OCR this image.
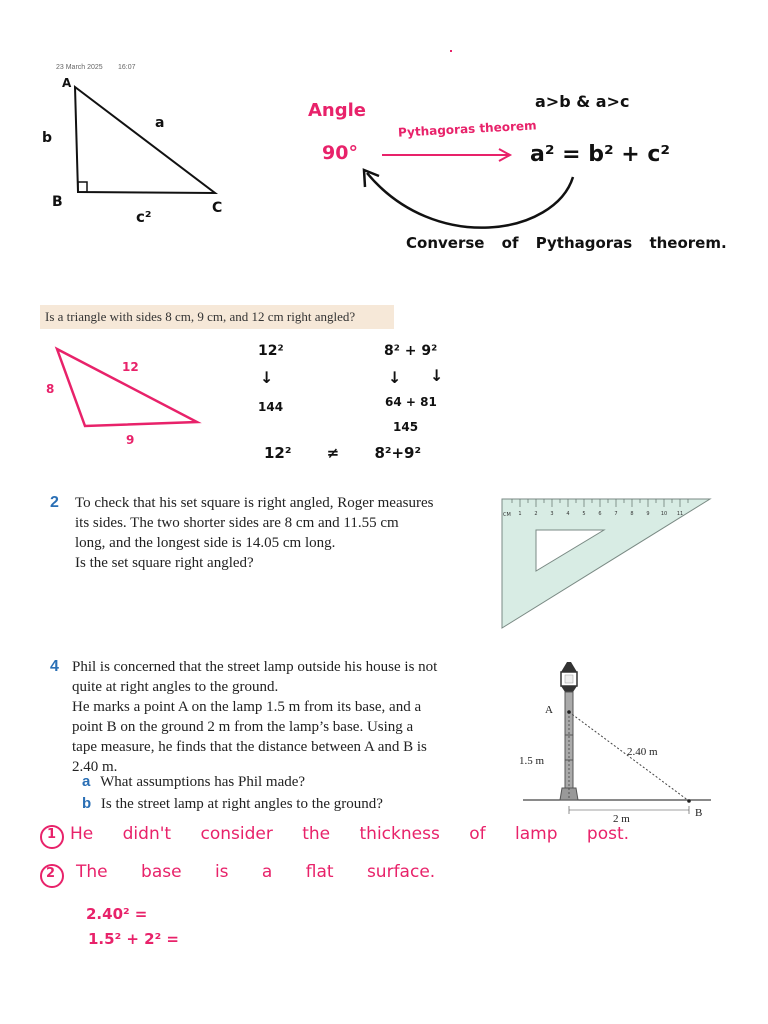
23 March 2025 16:07
A
b
a
B	C
c²
Angle
90°
Pythagoras theorem
a>b & a>c
a² = b² + c²
Converse of Pythagoras theorem.
Is a triangle with sides 8 cm, 9 cm, and 12 cm right angled?
8
12
9
12²
↓
144
8² + 9²
↓ ↓
64 + 81
145
12² ≠ 8²+9²
2 To check that his set square is right angled, Roger measures
its sides. The two shorter sides are 8 cm and 11.55 cm
long, and the longest side is 14.05 cm long.
Is the set square right angled?
CM 1	2	3	4	5	6	7	8	9 10 11
4 Phil is concerned that the street lamp outside his house is not
quite at right angles to the ground.
He marks a point A on the lamp 1.5 m from its base, and a
point B on the ground 2 m from the lamp’s base. Using a
tape measure, he finds that the distance between A and B is
2.40 m.
a What assumptions has Phil made?
b Is the street lamp at right angles to the ground?
A
B
1.5 m
2.40 m
2 m
1 He didn't consider the thickness of lamp post.
2 The base is a flat surface.
2.40² =
1.5² + 2² =
